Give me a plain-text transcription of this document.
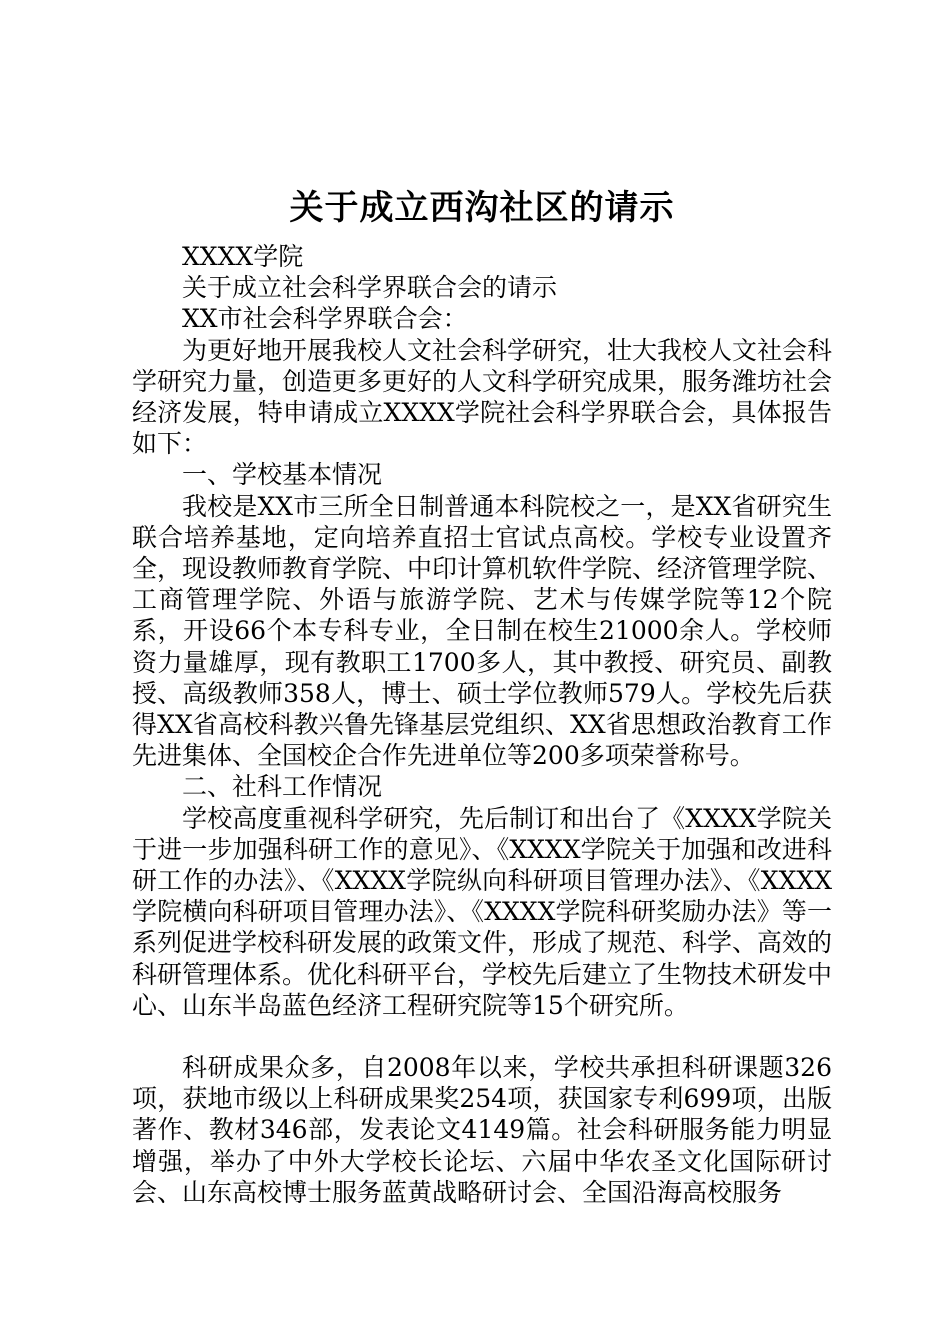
关于成立西沟社区的请示

XXXX学院

关于成立社会科学界联合会的请示

XX市社会科学界联合会：

为更好地开展我校人文社会科学研究，壮大我校人文社会科学研究力量，创造更多更好的人文科学研究成果，服务潍坊社会经济发展，特申请成立XXXX学院社会科学界联合会，具体报告如下：

一、学校基本情况

我校是XX市三所全日制普通本科院校之一，是XX省研究生联合培养基地，定向培养直招士官试点高校。学校专业设置齐全，现设教师教育学院、中印计算机软件学院、经济管理学院、工商管理学院、外语与旅游学院、艺术与传媒学院等12个院系，开设66个本专科专业，全日制在校生21000余人。学校师资力量雄厚，现有教职工1700多人，其中教授、研究员、副教授、高级教师358人，博士、硕士学位教师579人。学校先后获得XX省高校科教兴鲁先锋基层党组织、XX省思想政治教育工作先进集体、全国校企合作先进单位等200多项荣誉称号。

二、社科工作情况

学校高度重视科学研究，先后制订和出台了《XXXX学院关于进一步加强科研工作的意见》、《XXXX学院关于加强和改进科研工作的办法》、《XXXX学院纵向科研项目管理办法》、《XXXX学院横向科研项目管理办法》、《XXXX学院科研奖励办法》等一系列促进学校科研发展的政策文件，形成了规范、科学、高效的科研管理体系。优化科研平台，学校先后建立了生物技术研发中心、山东半岛蓝色经济工程研究院等15个研究所。

科研成果众多，自2008年以来，学校共承担科研课题326项，获地市级以上科研成果奖254项，获国家专利699项，出版著作、教材346部，发表论文4149篇。社会科研服务能力明显增强，举办了中外大学校长论坛、六届中华农圣文化国际研讨会、山东高校博士服务蓝黄战略研讨会、全国沿海高校服务
